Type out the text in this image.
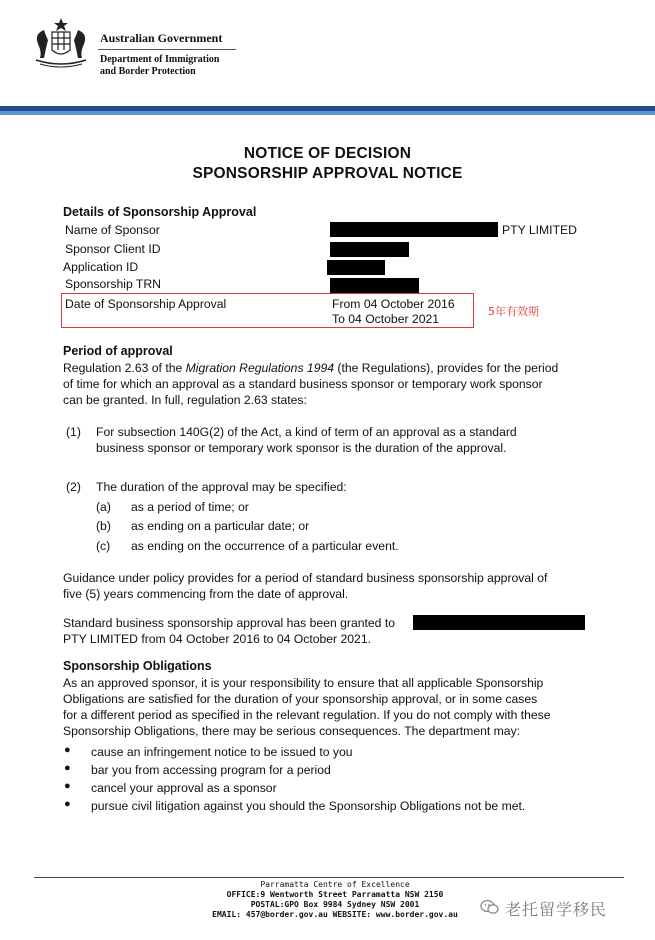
Australian Government
Department of Immigration
and Border Protection
NOTICE OF DECISION
SPONSORSHIP APPROVAL NOTICE
Details of Sponsorship Approval
Name of Sponsor	PTY LIMITED
Sponsor Client ID
Application ID
Sponsorship TRN
Date of Sponsorship Approval	From 04 October 2016
To 04 October 2021
5年有效期
Period of approval
Regulation 2.63 of the Migration Regulations 1994 (the Regulations), provides for the period
of time for which an approval as a standard business sponsor or temporary work sponsor
can be granted. In full, regulation 2.63 states:
(1) For subsection 140G(2) of the Act, a kind of term of an approval as a standard
business sponsor or temporary work sponsor is the duration of the approval.
(2) The duration of the approval may be specified:
(a) as a period of time; or
(b) as ending on a particular date; or
(c) as ending on the occurrence of a particular event.
Guidance under policy provides for a period of standard business sponsorship approval of
five (5) years commencing from the date of approval.
Standard business sponsorship approval has been granted to
PTY LIMITED from 04 October 2016 to 04 October 2021.
Sponsorship Obligations
As an approved sponsor, it is your responsibility to ensure that all applicable Sponsorship
Obligations are satisfied for the duration of your sponsorship approval, or in some cases
for a different period as specified in the relevant regulation. If you do not comply with these
Sponsorship Obligations, there may be serious consequences. The department may:
● cause an infringement notice to be issued to you
● bar you from accessing program for a period
● cancel your approval as a sponsor
● pursue civil litigation against you should the Sponsorship Obligations not be met.
Parramatta Centre of Excellence
OFFICE:9 Wentworth Street Parramatta NSW 2150
POSTAL:GPO Box 9984 Sydney NSW 2001
EMAIL: 457@border.gov.au WEBSITE: www.border.gov.au	老托留学移民
